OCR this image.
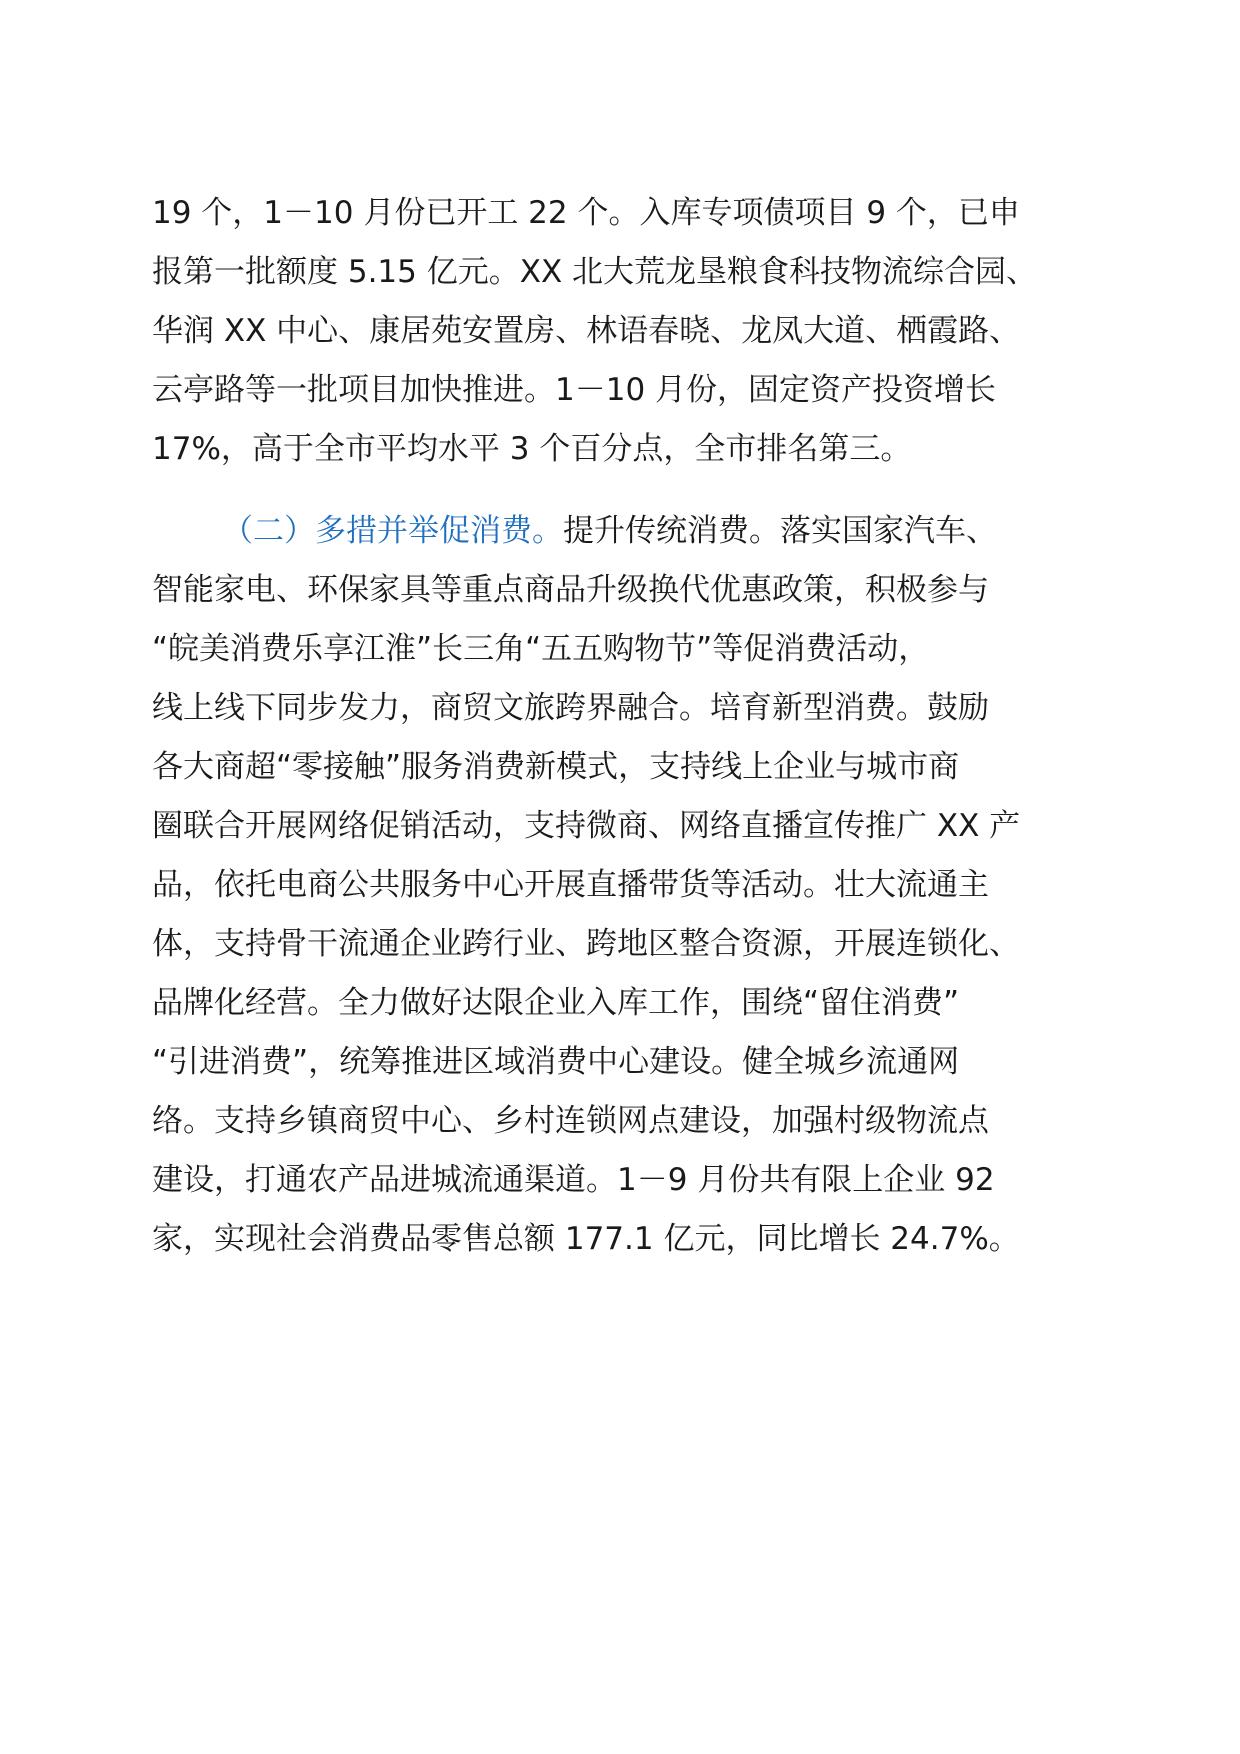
19 个，1－10 月份已开工 22 个。入库专项债项目 9 个，已申
报第一批额度 5.15 亿元。XX 北大荒龙垦粮食科技物流综合园、
华润 XX 中心、康居苑安置房、林语春晓、龙凤大道、栖霞路、
云亭路等一批项目加快推进。1－10 月份，固定资产投资增长
17%，高于全市平均水平 3 个百分点，全市排名第三。
（二）多措并举促消费。提升传统消费。落实国家汽车、
智能家电、环保家具等重点商品升级换代优惠政策，积极参与
“皖美消费乐享江淮”长三角“五五购物节”等促消费活动，
线上线下同步发力，商贸文旅跨界融合。培育新型消费。鼓励
各大商超“零接触”服务消费新模式，支持线上企业与城市商
圈联合开展网络促销活动，支持微商、网络直播宣传推广 XX 产
品，依托电商公共服务中心开展直播带货等活动。壮大流通主
体，支持骨干流通企业跨行业、跨地区整合资源，开展连锁化、
品牌化经营。全力做好达限企业入库工作，围绕“留住消费”
“引进消费”，统筹推进区域消费中心建设。健全城乡流通网
络。支持乡镇商贸中心、乡村连锁网点建设，加强村级物流点
建设，打通农产品进城流通渠道。1－9 月份共有限上企业 92
家，实现社会消费品零售总额 177.1 亿元，同比增长 24.7%。
